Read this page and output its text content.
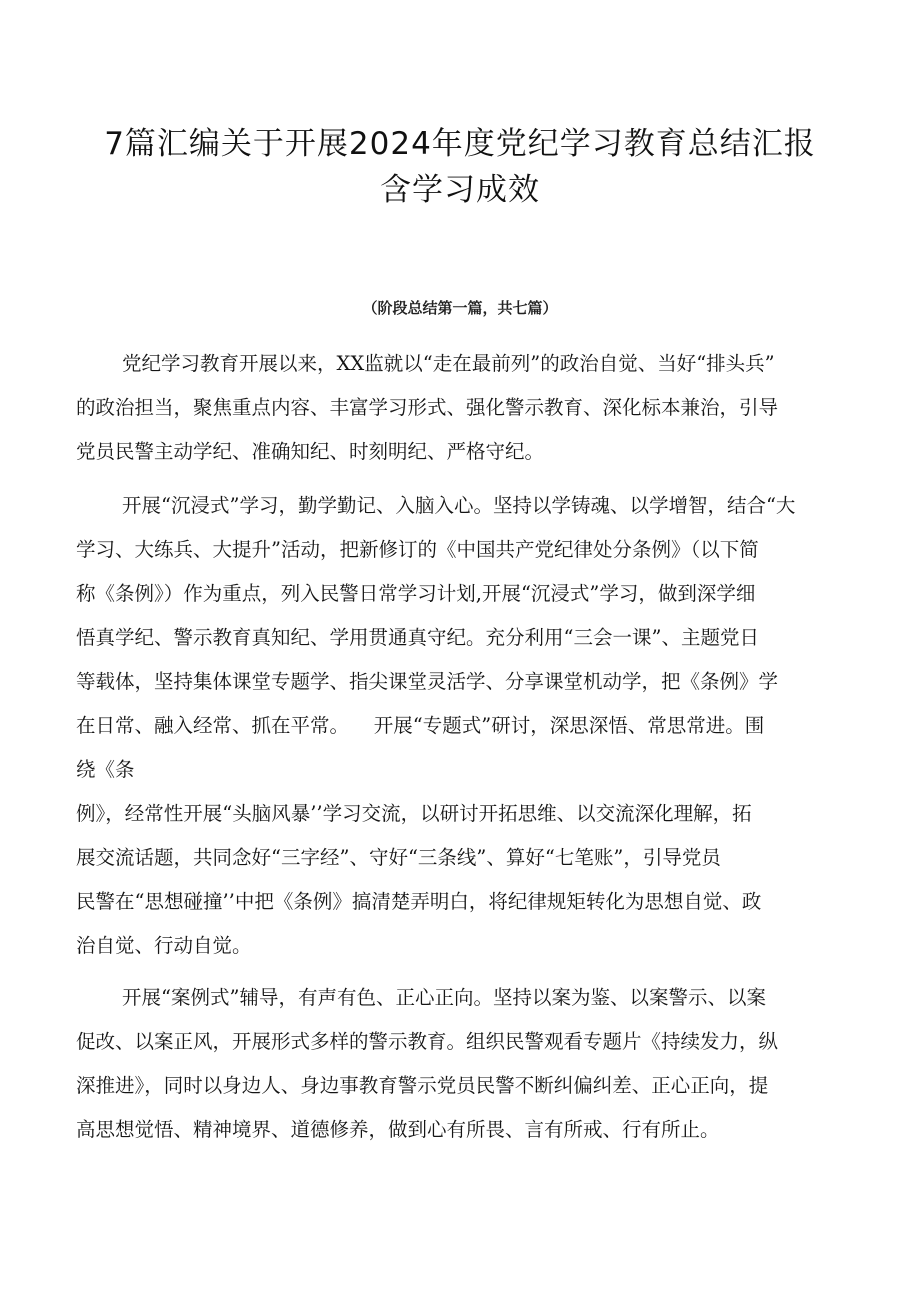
7篇汇编关于开展2024年度党纪学习教育总结汇报
含学习成效
（阶段总结第一篇，共七篇）
党纪学习教育开展以来，XX监就以“走在最前列”的政治自觉、当好“排头兵”
的政治担当，聚焦重点内容、丰富学习形式、强化警示教育、深化标本兼治，引导
党员民警主动学纪、准确知纪、时刻明纪、严格守纪。
开展“沉浸式”学习，勤学勤记、入脑入心。坚持以学铸魂、以学增智，结合“大
学习、大练兵、大提升”活动，把新修订的《中国共产党纪律处分条例》（以下简
称《条例》）作为重点，列入民警日常学习计划,开展“沉浸式”学习，做到深学细
悟真学纪、警示教育真知纪、学用贯通真守纪。充分利用“三会一课”、主题党日
等载体，坚持集体课堂专题学、指尖课堂灵活学、分享课堂机动学，把《条例》学
在日常、融入经常、抓在平常。    开展“专题式”研讨，深思深悟、常思常进。围
绕《条
例》，经常性开展“头脑风暴’’学习交流，以研讨开拓思维、以交流深化理解，拓
展交流话题，共同念好“三字经”、守好“三条线”、算好“七笔账”，引导党员
民警在“思想碰撞’’中把《条例》搞清楚弄明白，将纪律规矩转化为思想自觉、政
治自觉、行动自觉。
开展“案例式”辅导，有声有色、正心正向。坚持以案为鉴、以案警示、以案
促改、以案正风，开展形式多样的警示教育。组织民警观看专题片《持续发力，纵
深推进》，同时以身边人、身边事教育警示党员民警不断纠偏纠差、正心正向，提
高思想觉悟、精神境界、道德修养，做到心有所畏、言有所戒、行有所止。
